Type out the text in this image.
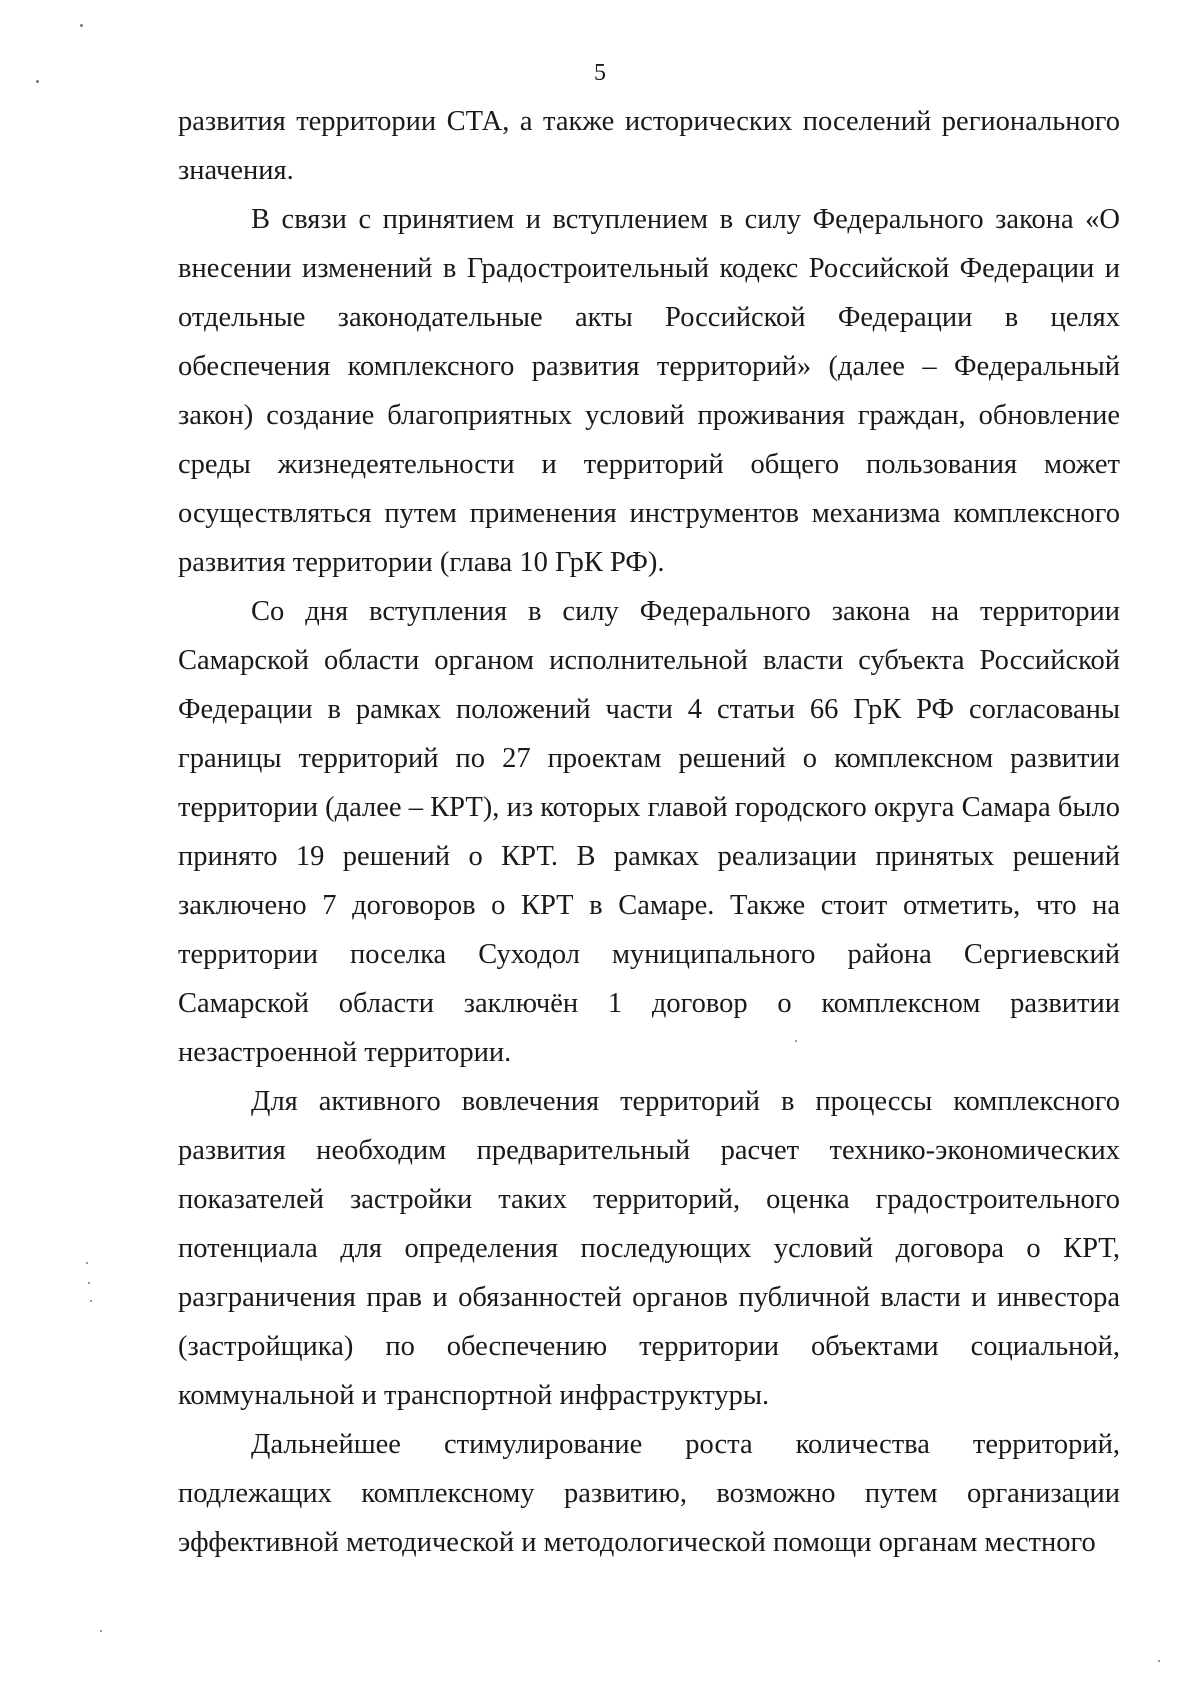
5

развития территории СТА, а также исторических поселений регионального значения.

В связи с принятием и вступлением в силу Федерального закона «О внесении изменений в Градостроительный кодекс Российской Федерации и отдельные законодательные акты Российской Федерации в целях обеспечения комплексного развития территорий» (далее – Федеральный закон) создание благоприятных условий проживания граждан, обновление среды жизнедеятельности и территорий общего пользования может осуществляться путем применения инструментов механизма комплексного развития территории (глава 10 ГрК РФ).

Со дня вступления в силу Федерального закона на территории Самарской области органом исполнительной власти субъекта Российской Федерации в рамках положений части 4 статьи 66 ГрК РФ согласованы границы территорий по 27 проектам решений о комплексном развитии территории (далее – КРТ), из которых главой городского округа Самара было принято 19 решений о КРТ. В рамках реализации принятых решений заключено 7 договоров о КРТ в Самаре. Также стоит отметить, что на территории поселка Суходол муниципального района Сергиевский Самарской области заключён 1 договор о комплексном развитии незастроенной территории.

Для активного вовлечения территорий в процессы комплексного развития необходим предварительный расчет технико-экономических показателей застройки таких территорий, оценка градостроительного потенциала для определения последующих условий договора о КРТ, разграничения прав и обязанностей органов публичной власти и инвестора (застройщика) по обеспечению территории объектами социальной, коммунальной и транспортной инфраструктуры.

Дальнейшее стимулирование роста количества территорий, подлежащих комплексному развитию, возможно путем организации эффективной методической и методологической помощи органам местного
